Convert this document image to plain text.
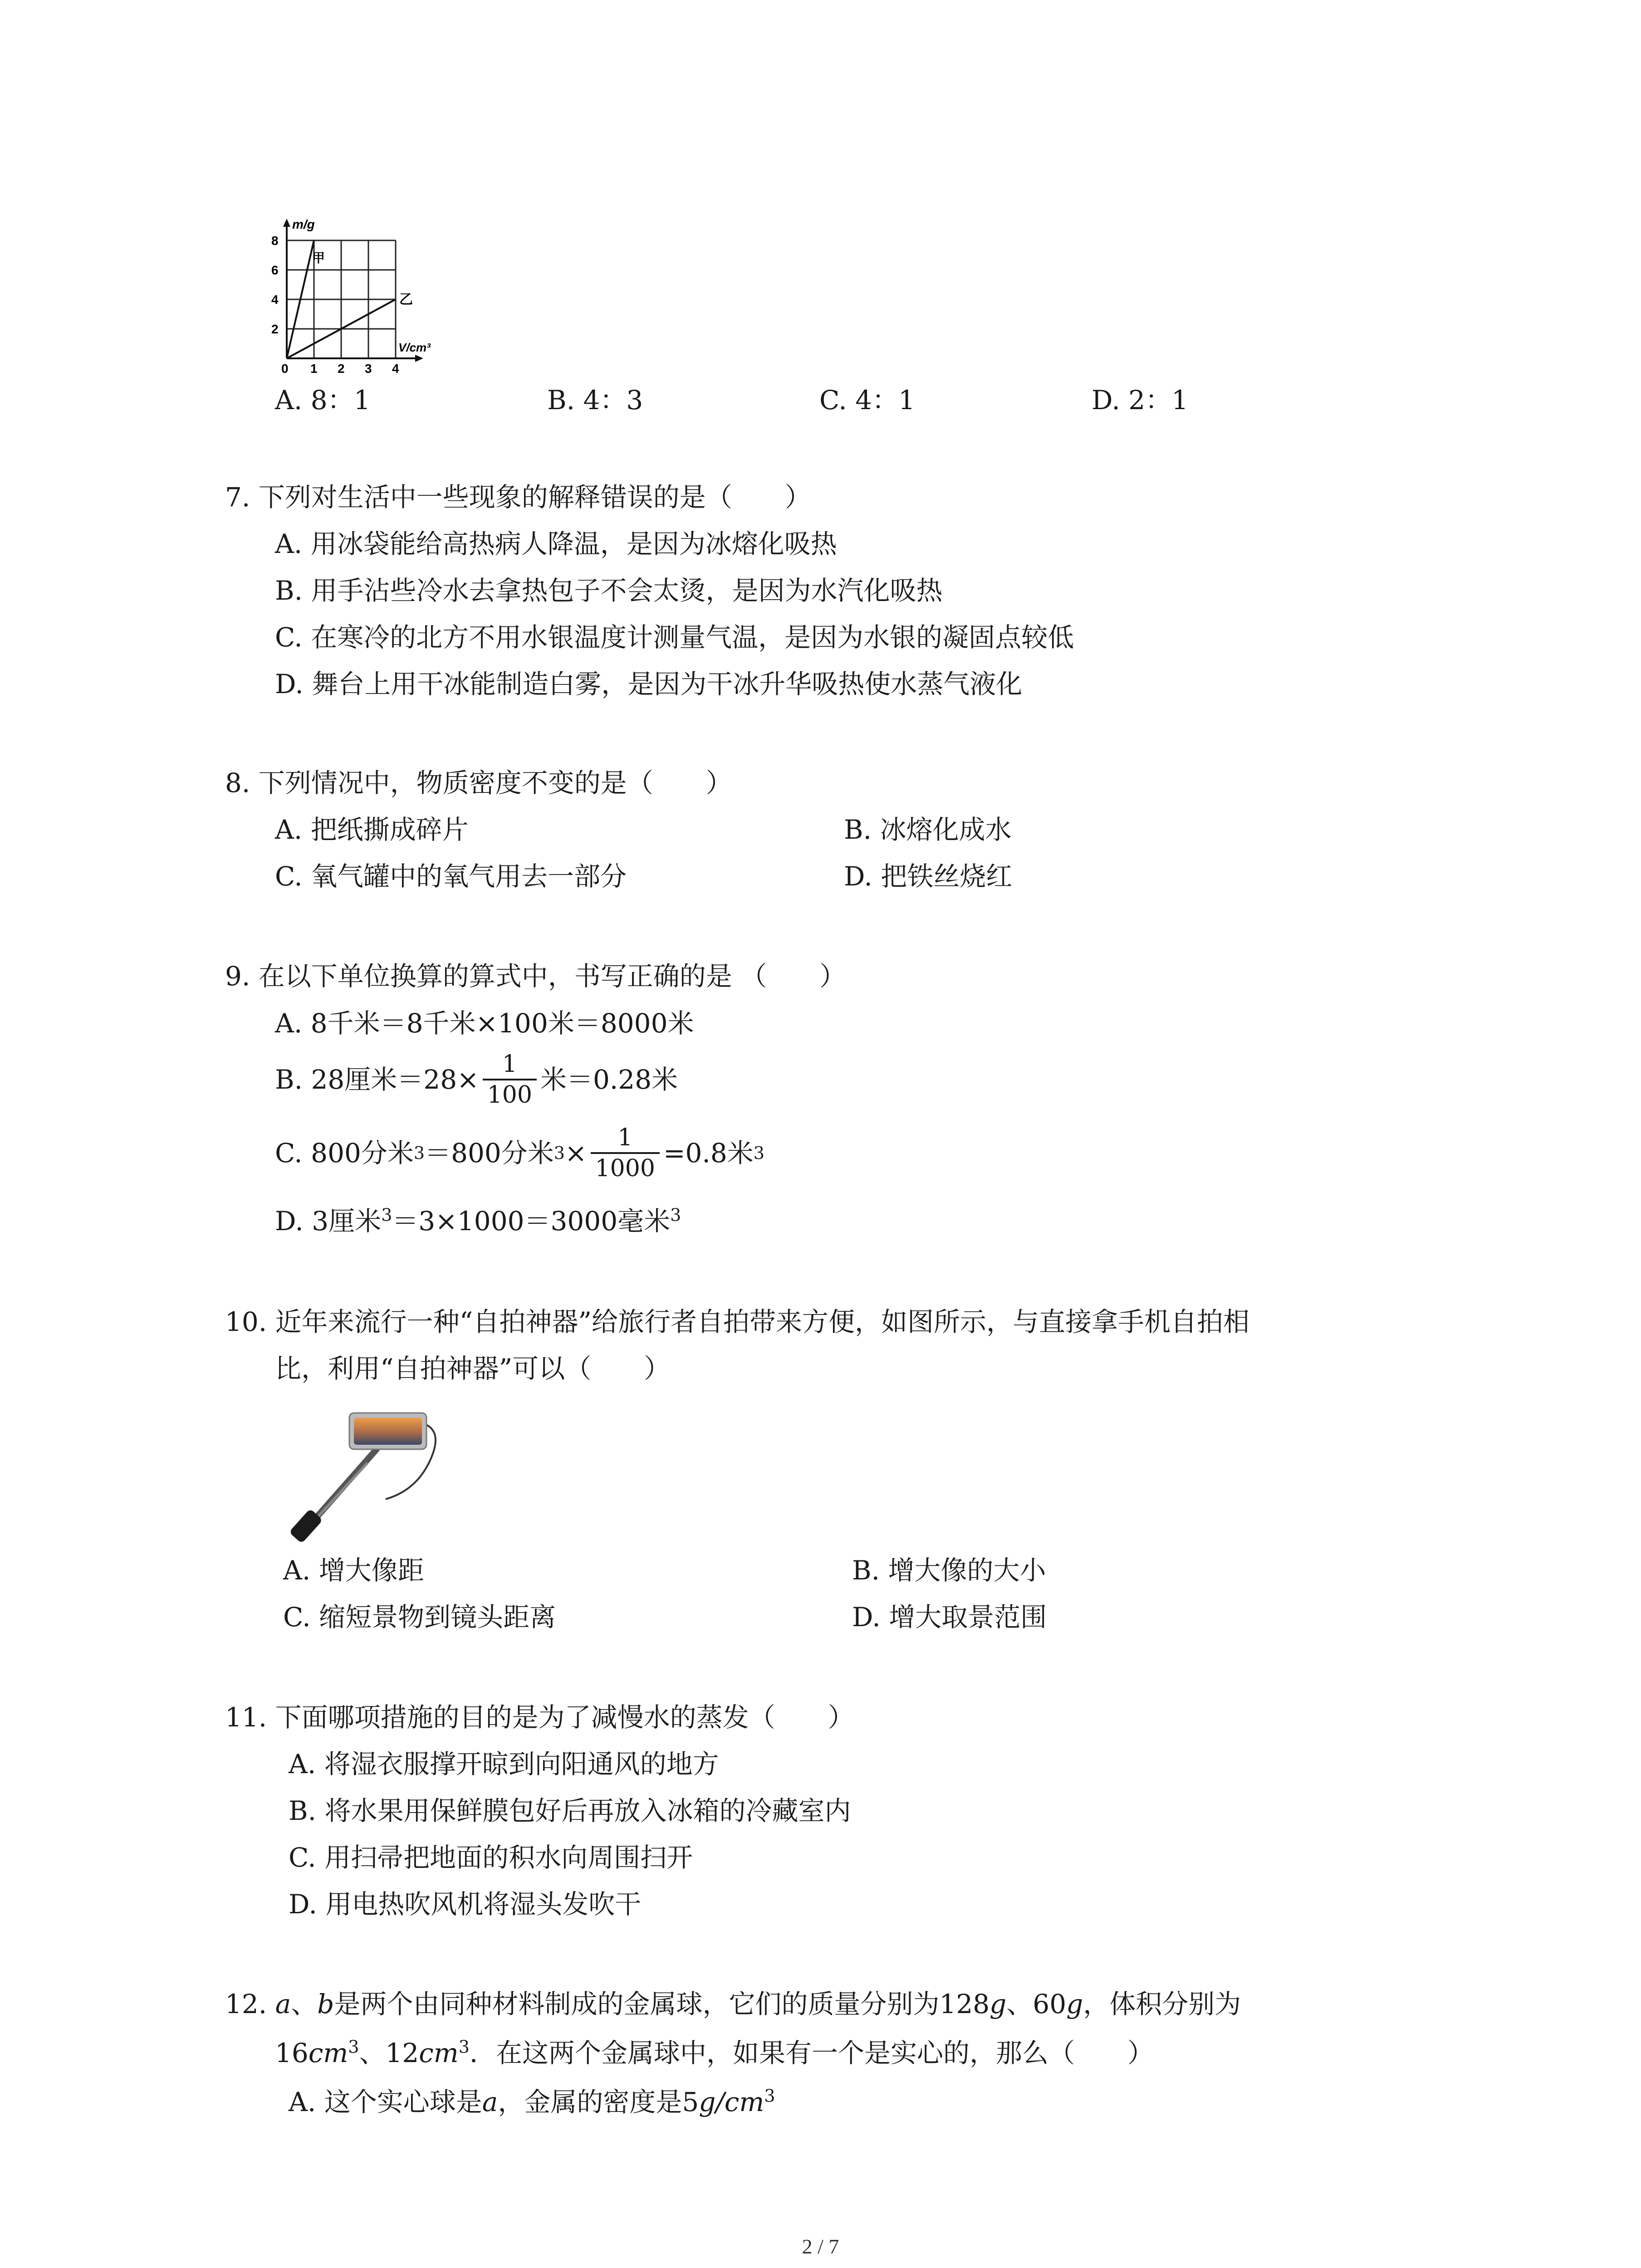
m/g
V/cm³
8
6
4
2
0 1 2 3 4
甲
乙
A. 8：1	B. 4：3	C. 4：1	D. 2：1
7. 下列对生活中一些现象的解释错误的是（　　）
A. 用冰袋能给高热病人降温，是因为冰熔化吸热
B. 用手沾些冷水去拿热包子不会太烫，是因为水汽化吸热
C. 在寒冷的北方不用水银温度计测量气温，是因为水银的凝固点较低
D. 舞台上用干冰能制造白雾，是因为干冰升华吸热使水蒸气液化
8. 下列情况中，物质密度不变的是（　　）
A. 把纸撕成碎片	B. 冰熔化成水
C. 氧气罐中的氧气用去一部分	D. 把铁丝烧红
9. 在以下单位换算的算式中，书写正确的是 （　　）
A. 8千米＝8千米×100米＝8000米
B. 28厘米$=28\times \frac{1}{100}$ 米＝0.28米
C. 800分米 3 ＝800分米 $3 \times \frac{1}{1000} =0.8$米 3
D. 3厘米$^3$＝3×1000＝3000毫米$^3$
10. 近年来流行一种“自拍神器”给旅行者自拍带来方便，如图所示，与直接拿手机自拍相
比，利用“自拍神器”可以（　　）
A. 增大像距	B. 增大像的大小
C. 缩短景物到镜头距离	D. 增大取景范围
11. 下面哪项措施的目的是为了减慢水的蒸发（　　）
A. 将湿衣服撑开晾到向阳通风的地方
B. 将水果用保鲜膜包好后再放入冰箱的冷藏室内
C. 用扫帚把地面的积水向周围扫开
D. 用电热吹风机将湿头发吹干
12. a、b是两个由同种材料制成的金属球，它们的质量分别为128g、60g，体积分别为
$16cm^3$、$12cm^3$．在这两个金属球中，如果有一个是实心的，那么（　　）
A. 这个实心球是a，金属的密度是$5g/cm^3$
2 / 7
